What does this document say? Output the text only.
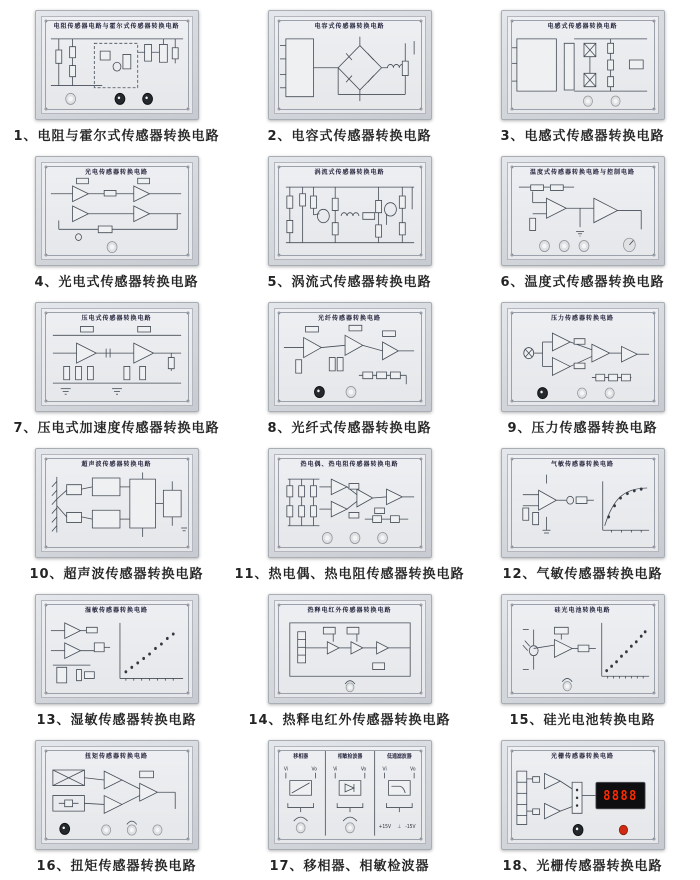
电阻传感器电路与霍尔式传感器转换电路
1、电阻与霍尔式传感器转换电路
电容式传感器转换电路
2、电容式传感器转换电路
电感式传感器转换电路
3、电感式传感器转换电路
光电传感器转换电路
4、光电式传感器转换电路
涡流式传感器转换电路
5、涡流式传感器转换电路
温度式传感器转换电路与控制电路
6、温度式传感器转换电路
压电式传感器转换电路
7、压电式加速度传感器转换电路
光纤传感器转换电路
8、光纤式传感器转换电路
压力传感器转换电路
9、压力传感器转换电路
超声波传感器转换电路
10、超声波传感器转换电路
热电偶、热电阻传感器转换电路
11、热电偶、热电阻传感器转换电路
气敏传感器转换电路
12、气敏传感器转换电路
湿敏传感器转换电路
13、湿敏传感器转换电路
热释电红外传感器转换电路
14、热释电红外传感器转换电路
硅光电池转换电路
15、硅光电池转换电路
扭矩传感器转换电路
16、扭矩传感器转换电路
移相器	相敏检波器	低通滤波器
Vi	Vo	Vi	Vo	Vi	Vo
+15V ⊥ -15V
17、移相器、相敏检波器
光栅传感器转换电路
8888
18、光栅传感器转换电路
